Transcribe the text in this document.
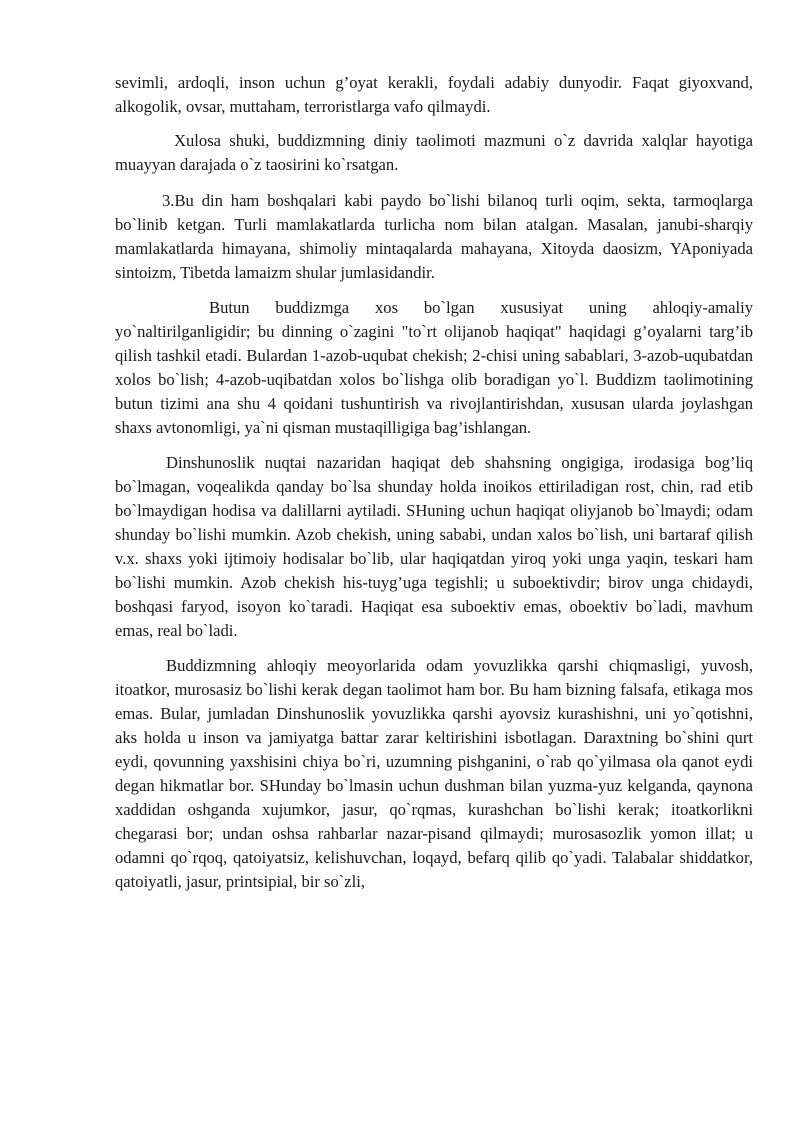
sevimli, ardoqli, inson uchun g’oyat kerakli, foydali adabiy dunyodir. Faqat giyoxvand, alkogolik, ovsar, muttaham, terroristlarga vafo qilmaydi.

Xulosa shuki, buddizmning diniy taolimoti mazmuni o`z davrida xalqlar hayotiga muayyan darajada o`z taosirini ko`rsatgan.

3.Bu din ham boshqalari kabi paydo bo`lishi bilanoq turli oqim, sekta, tarmoqlarga bo`linib ketgan. Turli mamlakatlarda turlicha nom bilan atalgan. Masalan, janubi-sharqiy mamlakatlarda himayana, shimoliy mintaqalarda mahayana, Xitoyda daosizm, YAponiyada sintoizm, Tibetda lamaizm shular jumlasidandir.

Butun buddizmga xos bo`lgan xususiyat uning ahloqiy-amaliy yo`naltirilganligidir; bu dinning o`zagini "to`rt olijanob haqiqat" haqidagi g’oyalarni targ’ib qilish tashkil etadi. Bulardan 1-azob-uqubat chekish; 2-chisi uning sabablari, 3-azob-uqubatdan xolos bo`lish; 4-azob-uqibatdan xolos bo`lishga olib boradigan yo`l. Buddizm taolimotining butun tizimi ana shu 4 qoidani tushuntirish va rivojlantirishdan, xususan ularda joylashgan shaxs avtonomligi, ya`ni qisman mustaqilligiga bag’ishlangan.

Dinshunoslik nuqtai nazaridan haqiqat deb shahsning ongigiga, irodasiga bog’liq bo`lmagan, voqealikda qanday bo`lsa shunday holda inoikos ettiriladigan rost, chin, rad etib bo`lmaydigan hodisa va dalillarni aytiladi. SHuning uchun haqiqat oliyjanob bo`lmaydi; odam shunday bo`lishi mumkin. Azob chekish, uning sababi, undan xalos bo`lish, uni bartaraf qilish v.x. shaxs yoki ijtimoiy hodisalar bo`lib, ular haqiqatdan yiroq yoki unga yaqin, teskari ham bo`lishi mumkin. Azob chekish his-tuyg’uga tegishli; u suboektivdir; birov unga chidaydi, boshqasi faryod, isoyon ko`taradi. Haqiqat esa suboektiv emas, oboektiv bo`ladi, mavhum emas, real bo`ladi.

Buddizmning ahloqiy meoyorlarida odam yovuzlikka qarshi chiqmasligi, yuvosh, itoatkor, murosasiz bo`lishi kerak degan taolimot ham bor. Bu ham bizning falsafa, etikaga mos emas. Bular, jumladan Dinshunoslik yovuzlikka qarshi ayovsiz kurashishni, uni yo`qotishni, aks holda u inson va jamiyatga battar zarar keltirishini isbotlagan. Daraxtning bo`shini qurt eydi, qovunning yaxshisini chiya bo`ri, uzumning pishganini, o`rab qo`yilmasa ola qanot eydi degan hikmatlar bor. SHunday bo`lmasin uchun dushman bilan yuzma-yuz kelganda, qaynona xaddidan oshganda xujumkor, jasur, qo`rqmas, kurashchan bo`lishi kerak; itoatkorlikni chegarasi bor; undan oshsa rahbarlar nazar-pisand qilmaydi; murosasozlik yomon illat; u odamni qo`rqoq, qatoiyatsiz, kelishuvchan, loqayd, befarq qilib qo`yadi. Talabalar shiddatkor, qatoiyatli, jasur, printsipial, bir so`zli,
